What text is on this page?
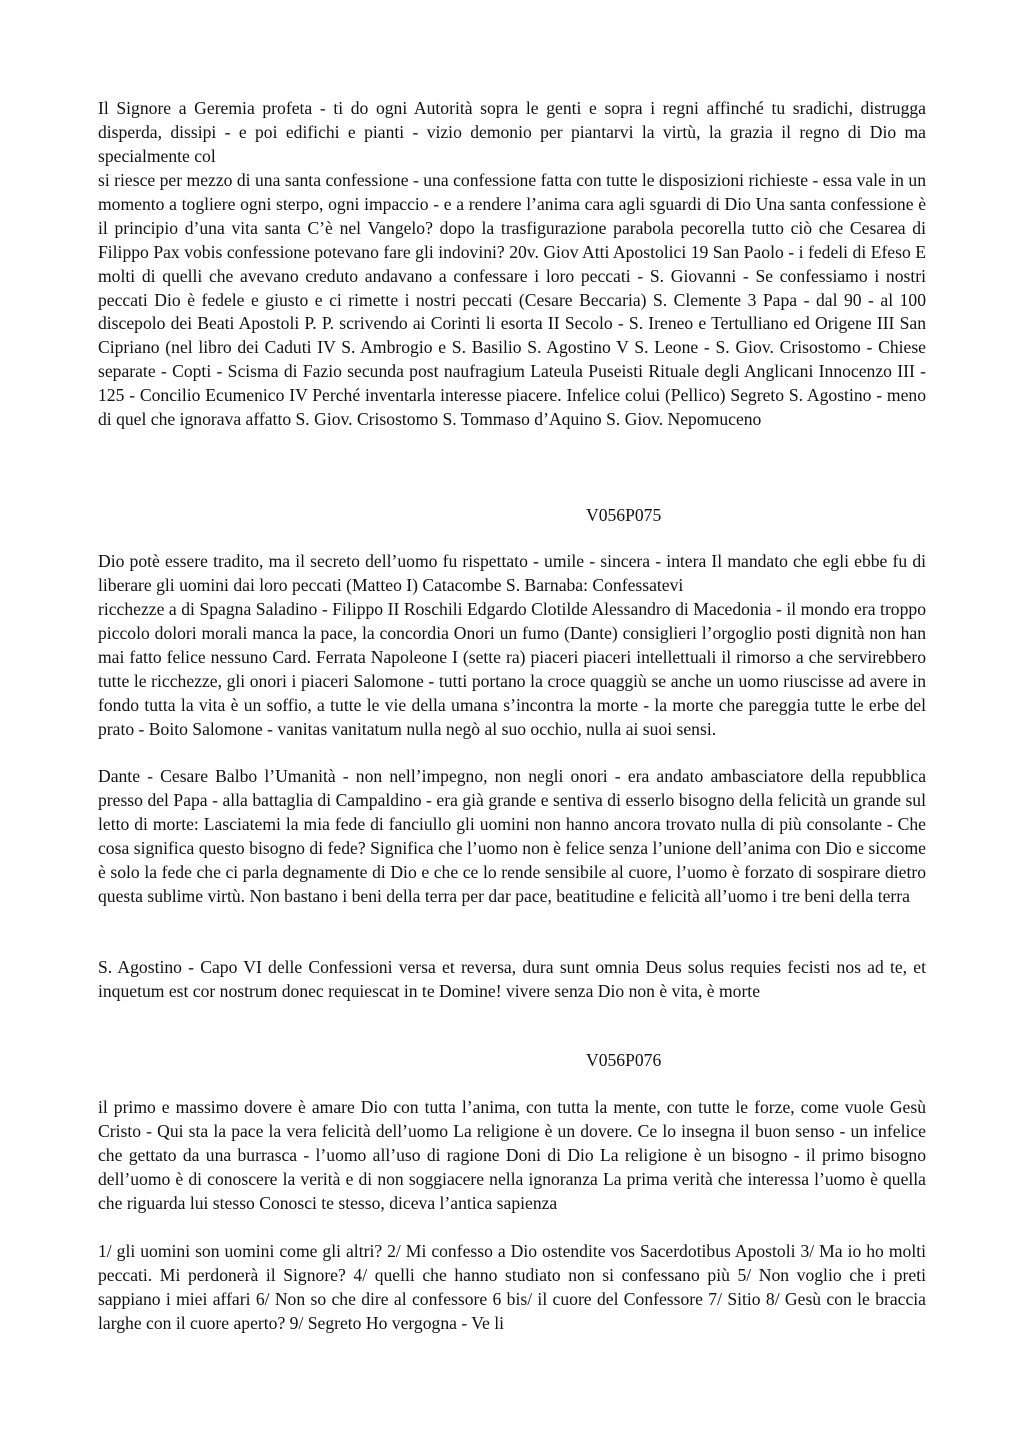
Il Signore a Geremia profeta - ti do ogni Autorità sopra le genti e sopra i regni affinché tu sradichi, distrugga disperda, dissipi - e poi edifichi e pianti - vizio demonio per piantarvi la virtù, la grazia il regno di Dio ma specialmente col

si riesce per mezzo di una santa confessione - una confessione fatta con tutte le disposizioni richieste - essa vale in un momento a togliere ogni sterpo, ogni impaccio - e a rendere l’anima cara agli sguardi di Dio Una santa confessione è il principio d’una vita santa C’è nel Vangelo? dopo la trasfigurazione parabola pecorella tutto ciò che Cesarea di Filippo Pax vobis confessione potevano fare gli indovini? 20v. Giov Atti Apostolici 19 San Paolo - i fedeli di Efeso E molti di quelli che avevano creduto andavano a confessare i loro peccati - S. Giovanni - Se confessiamo i nostri peccati Dio è fedele e giusto e ci rimette i nostri peccati (Cesare Beccaria) S. Clemente 3 Papa - dal 90 - al 100 discepolo dei Beati Apostoli P. P. scrivendo ai Corinti li esorta II Secolo - S. Ireneo e Tertulliano ed Origene III San Cipriano (nel libro dei Caduti IV S. Ambrogio e S. Basilio S. Agostino V S. Leone - S. Giov. Crisostomo - Chiese separate - Copti - Scisma di Fazio secunda post naufragium Lateula Puseisti Rituale degli Anglicani Innocenzo III - 125 - Concilio Ecumenico IV Perché inventarla interesse piacere. Infelice colui (Pellico) Segreto S. Agostino - meno di quel che ignorava affatto S. Giov. Crisostomo S. Tommaso d’Aquino S. Giov. Nepomuceno

V056P075

Dio potè essere tradito, ma il secreto dell’uomo fu rispettato - umile - sincera - intera Il mandato che egli ebbe fu di liberare gli uomini dai loro peccati (Matteo I) Catacombe S. Barnaba: Confessatevi

ricchezze a di Spagna Saladino - Filippo II Roschili Edgardo Clotilde Alessandro di Macedonia - il mondo era troppo piccolo dolori morali manca la pace, la concordia Onori un fumo (Dante) consiglieri l’orgoglio posti dignità non han mai fatto felice nessuno Card. Ferrata Napoleone I (sette ra) piaceri piaceri intellettuali il rimorso a che servirebbero tutte le ricchezze, gli onori i piaceri Salomone - tutti portano la croce quaggiù se anche un uomo riuscisse ad avere in fondo tutta la vita è un soffio, a tutte le vie della umana s’incontra la morte - la morte che pareggia tutte le erbe del prato - Boito Salomone - vanitas vanitatum nulla negò al suo occhio, nulla ai suoi sensi.

Dante - Cesare Balbo l’Umanità - non nell’impegno, non negli onori - era andato ambasciatore della repubblica presso del Papa - alla battaglia di Campaldino - era già grande e sentiva di esserlo bisogno della felicità un grande sul letto di morte: Lasciatemi la mia fede di fanciullo gli uomini non hanno ancora trovato nulla di più consolante - Che cosa significa questo bisogno di fede? Significa che l’uomo non è felice senza l’unione dell’anima con Dio e siccome è solo la fede che ci parla degnamente di Dio e che ce lo rende sensibile al cuore, l’uomo è forzato di sospirare dietro questa sublime virtù. Non bastano i beni della terra per dar pace, beatitudine e felicità all’uomo i tre beni della terra

S. Agostino - Capo VI delle Confessioni versa et reversa, dura sunt omnia Deus solus requies fecisti nos ad te, et inquetum est cor nostrum donec requiescat in te Domine! vivere senza Dio non è vita, è morte

V056P076

il primo e massimo dovere è amare Dio con tutta l’anima, con tutta la mente, con tutte le forze, come vuole Gesù Cristo - Qui sta la pace la vera felicità dell’uomo La religione è un dovere. Ce lo insegna il buon senso - un infelice che gettato da una burrasca - l’uomo all’uso di ragione Doni di Dio La religione è un bisogno - il primo bisogno dell’uomo è di conoscere la verità e di non soggiacere nella ignoranza La prima verità che interessa l’uomo è quella che riguarda lui stesso Conosci te stesso, diceva l’antica sapienza

1/ gli uomini son uomini come gli altri? 2/ Mi confesso a Dio ostendite vos Sacerdotibus Apostoli 3/ Ma io ho molti peccati. Mi perdonerà il Signore? 4/ quelli che hanno studiato non si confessano più 5/ Non voglio che i preti sappiano i miei affari 6/ Non so che dire al confessore 6 bis/ il cuore del Confessore 7/ Sitio 8/ Gesù con le braccia larghe con il cuore aperto? 9/ Segreto Ho vergogna - Ve li
